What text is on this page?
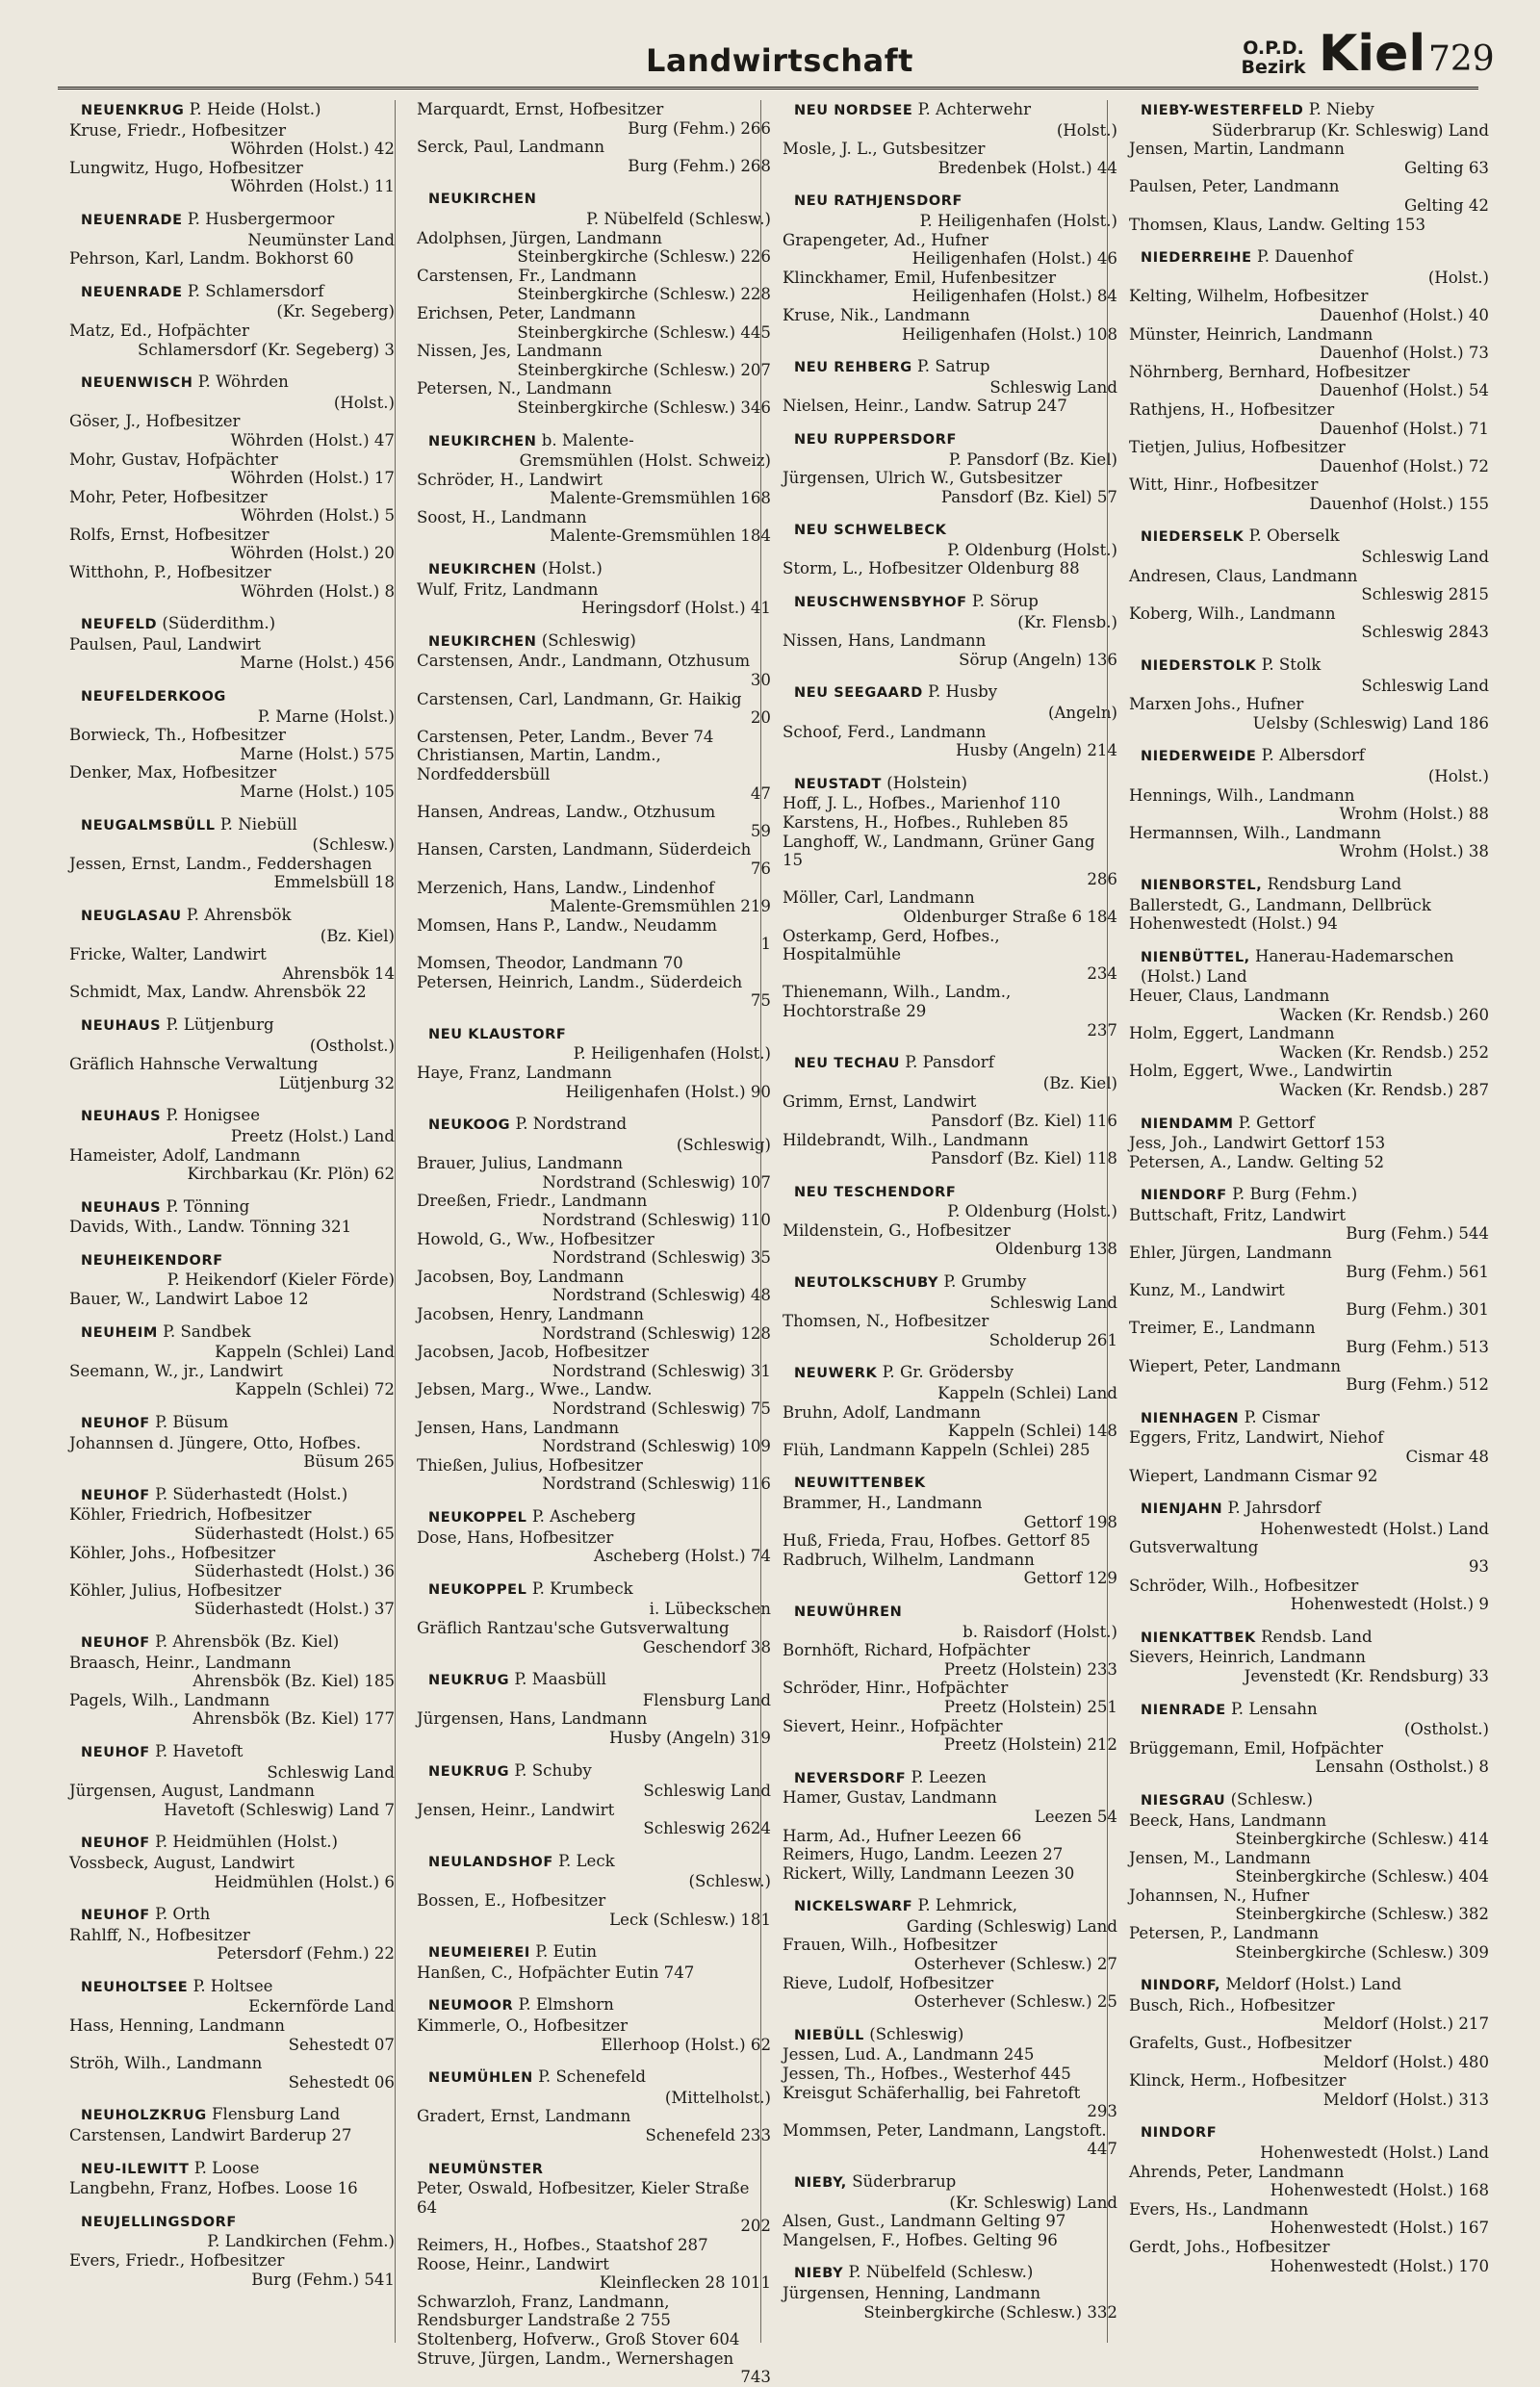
Landwirtschaft	O.P.D.
Bezirk Kiel 729
NEUENKRUG P. Heide (Holst.)
Kruse, Friedr., Hofbesitzer
Wöhrden (Holst.) 42
Lungwitz, Hugo, Hofbesitzer
Wöhrden (Holst.) 11
NEUENRADE P. Husbergermoor
Neumünster Land
Pehrson, Karl, Landm. Bokhorst 60
NEUENRADE P. Schlamersdorf
(Kr. Segeberg)
Matz, Ed., Hofpächter
Schlamersdorf (Kr. Segeberg) 3
NEUENWISCH P. Wöhrden
(Holst.)
Göser, J., Hofbesitzer
Wöhrden (Holst.) 47
Mohr, Gustav, Hofpächter
Wöhrden (Holst.) 17
Mohr, Peter, Hofbesitzer
Wöhrden (Holst.) 5
Rolfs, Ernst, Hofbesitzer
Wöhrden (Holst.) 20
Witthohn, P., Hofbesitzer
Wöhrden (Holst.) 8
NEUFELD (Süderdithm.)
Paulsen, Paul, Landwirt
Marne (Holst.) 456
NEUFELDERKOOG
P. Marne (Holst.)
Borwieck, Th., Hofbesitzer
Marne (Holst.) 575
Denker, Max, Hofbesitzer
Marne (Holst.) 105
NEUGALMSBÜLL P. Niebüll
(Schlesw.)
Jessen, Ernst, Landm., Feddershagen
Emmelsbüll 18
NEUGLASAU P. Ahrensbök
(Bz. Kiel)
Fricke, Walter, Landwirt
Ahrensbök 14
Schmidt, Max, Landw. Ahrensbök 22
NEUHAUS P. Lütjenburg
(Ostholst.)
Gräflich Hahnsche Verwaltung
Lütjenburg 32
NEUHAUS P. Honigsee
Preetz (Holst.) Land
Hameister, Adolf, Landmann
Kirchbarkau (Kr. Plön) 62
NEUHAUS P. Tönning
Davids, With., Landw. Tönning 321
NEUHEIKENDORF
P. Heikendorf (Kieler Förde)
Bauer, W., Landwirt Laboe 12
NEUHEIM P. Sandbek
Kappeln (Schlei) Land
Seemann, W., jr., Landwirt
Kappeln (Schlei) 72
NEUHOF P. Büsum
Johannsen d. Jüngere, Otto, Hofbes.
Büsum 265
NEUHOF P. Süderhastedt (Holst.)
Köhler, Friedrich, Hofbesitzer
Süderhastedt (Holst.) 65
Köhler, Johs., Hofbesitzer
Süderhastedt (Holst.) 36
Köhler, Julius, Hofbesitzer
Süderhastedt (Holst.) 37
NEUHOF P. Ahrensbök (Bz. Kiel)
Braasch, Heinr., Landmann
Ahrensbök (Bz. Kiel) 185
Pagels, Wilh., Landmann
Ahrensbök (Bz. Kiel) 177
NEUHOF P. Havetoft
Schleswig Land
Jürgensen, August, Landmann
Havetoft (Schleswig) Land 7
NEUHOF P. Heidmühlen (Holst.)
Vossbeck, August, Landwirt
Heidmühlen (Holst.) 6
NEUHOF P. Orth
Rahlff, N., Hofbesitzer
Petersdorf (Fehm.) 22
NEUHOLTSEE P. Holtsee
Eckernförde Land
Hass, Henning, Landmann
Sehestedt 07
Ströh, Wilh., Landmann
Sehestedt 06
NEUHOLZKRUG Flensburg Land
Carstensen, Landwirt Barderup 27
NEU-ILEWITT P. Loose
Langbehn, Franz, Hofbes. Loose 16
NEUJELLINGSDORF
P. Landkirchen (Fehm.)
Evers, Friedr., Hofbesitzer
Burg (Fehm.) 541
Marquardt, Ernst, Hofbesitzer
Burg (Fehm.) 266
Serck, Paul, Landmann
Burg (Fehm.) 268
NEUKIRCHEN
P. Nübelfeld (Schlesw.)
Adolphsen, Jürgen, Landmann
Steinbergkirche (Schlesw.) 226
Carstensen, Fr., Landmann
Steinbergkirche (Schlesw.) 228
Erichsen, Peter, Landmann
Steinbergkirche (Schlesw.) 445
Nissen, Jes, Landmann
Steinbergkirche (Schlesw.) 207
Petersen, N., Landmann
Steinbergkirche (Schlesw.) 346
NEUKIRCHEN b. Malente-
Gremsmühlen (Holst. Schweiz)
Schröder, H., Landwirt
Malente-Gremsmühlen 168
Soost, H., Landmann
Malente-Gremsmühlen 184
NEUKIRCHEN (Holst.)
Wulf, Fritz, Landmann
Heringsdorf (Holst.) 41
NEUKIRCHEN (Schleswig)
Carstensen, Andr., Landmann, Otzhusum
30
Carstensen, Carl, Landmann, Gr. Haikig
20
Carstensen, Peter, Landm., Bever 74
Christiansen, Martin, Landm., Nordfeddersbüll
47
Hansen, Andreas, Landw., Otzhusum
59
Hansen, Carsten, Landmann, Süderdeich
76
Merzenich, Hans, Landw., Lindenhof
Malente-Gremsmühlen 219
Momsen, Hans P., Landw., Neudamm
1
Momsen, Theodor, Landmann 70
Petersen, Heinrich, Landm., Süderdeich
75
NEU KLAUSTORF
P. Heiligenhafen (Holst.)
Haye, Franz, Landmann
Heiligenhafen (Holst.) 90
NEUKOOG P. Nordstrand
(Schleswig)
Brauer, Julius, Landmann
Nordstrand (Schleswig) 107
Dreeßen, Friedr., Landmann
Nordstrand (Schleswig) 110
Howold, G., Ww., Hofbesitzer
Nordstrand (Schleswig) 35
Jacobsen, Boy, Landmann
Nordstrand (Schleswig) 48
Jacobsen, Henry, Landmann
Nordstrand (Schleswig) 128
Jacobsen, Jacob, Hofbesitzer
Nordstrand (Schleswig) 31
Jebsen, Marg., Wwe., Landw.
Nordstrand (Schleswig) 75
Jensen, Hans, Landmann
Nordstrand (Schleswig) 109
Thießen, Julius, Hofbesitzer
Nordstrand (Schleswig) 116
NEUKOPPEL P. Ascheberg
Dose, Hans, Hofbesitzer
Ascheberg (Holst.) 74
NEUKOPPEL P. Krumbeck
i. Lübeckschen
Gräflich Rantzau'sche Gutsverwaltung
Geschendorf 38
NEUKRUG P. Maasbüll
Flensburg Land
Jürgensen, Hans, Landmann
Husby (Angeln) 319
NEUKRUG P. Schuby
Schleswig Land
Jensen, Heinr., Landwirt
Schleswig 2624
NEULANDSHOF P. Leck
(Schlesw.)
Bossen, E., Hofbesitzer
Leck (Schlesw.) 181
NEUMEIEREI P. Eutin
Hanßen, C., Hofpächter Eutin 747
NEUMOOR P. Elmshorn
Kimmerle, O., Hofbesitzer
Ellerhoop (Holst.) 62
NEUMÜHLEN P. Schenefeld
(Mittelholst.)
Gradert, Ernst, Landmann
Schenefeld 233
NEUMÜNSTER
Peter, Oswald, Hofbesitzer, Kieler Straße 64
202
Reimers, H., Hofbes., Staatshof 287
Roose, Heinr., Landwirt
Kleinflecken 28 1011
Schwarzloh, Franz, Landmann, Rendsburger Landstraße 2 755
Stoltenberg, Hofverw., Groß Stover 604
Struve, Jürgen, Landm., Wernershagen
743
NEU NORDSEE P. Achterwehr
(Holst.)
Mosle, J. L., Gutsbesitzer
Bredenbek (Holst.) 44
NEU RATHJENSDORF
P. Heiligenhafen (Holst.)
Grapengeter, Ad., Hufner
Heiligenhafen (Holst.) 46
Klinckhamer, Emil, Hufenbesitzer
Heiligenhafen (Holst.) 84
Kruse, Nik., Landmann
Heiligenhafen (Holst.) 108
NEU REHBERG P. Satrup
Schleswig Land
Nielsen, Heinr., Landw. Satrup 247
NEU RUPPERSDORF
P. Pansdorf (Bz. Kiel)
Jürgensen, Ulrich W., Gutsbesitzer
Pansdorf (Bz. Kiel) 57
NEU SCHWELBECK
P. Oldenburg (Holst.)
Storm, L., Hofbesitzer Oldenburg 88
NEUSCHWENSBYHOF P. Sörup
(Kr. Flensb.)
Nissen, Hans, Landmann
Sörup (Angeln) 136
NEU SEEGAARD P. Husby
(Angeln)
Schoof, Ferd., Landmann
Husby (Angeln) 214
NEUSTADT (Holstein)
Hoff, J. L., Hofbes., Marienhof 110
Karstens, H., Hofbes., Ruhleben 85
Langhoff, W., Landmann, Grüner Gang 15
286
Möller, Carl, Landmann
Oldenburger Straße 6 184
Osterkamp, Gerd, Hofbes., Hospitalmühle
234
Thienemann, Wilh., Landm., Hochtorstraße 29
237
NEU TECHAU P. Pansdorf
(Bz. Kiel)
Grimm, Ernst, Landwirt
Pansdorf (Bz. Kiel) 116
Hildebrandt, Wilh., Landmann
Pansdorf (Bz. Kiel) 118
NEU TESCHENDORF
P. Oldenburg (Holst.)
Mildenstein, G., Hofbesitzer
Oldenburg 138
NEUTOLKSCHUBY P. Grumby
Schleswig Land
Thomsen, N., Hofbesitzer
Scholderup 261
NEUWERK P. Gr. Grödersby
Kappeln (Schlei) Land
Bruhn, Adolf, Landmann
Kappeln (Schlei) 148
Flüh, Landmann Kappeln (Schlei) 285
NEUWITTENBEK
Brammer, H., Landmann
Gettorf 198
Huß, Frieda, Frau, Hofbes. Gettorf 85
Radbruch, Wilhelm, Landmann
Gettorf 129
NEUWÜHREN
b. Raisdorf (Holst.)
Bornhöft, Richard, Hofpächter
Preetz (Holstein) 233
Schröder, Hinr., Hofpächter
Preetz (Holstein) 251
Sievert, Heinr., Hofpächter
Preetz (Holstein) 212
NEVERSDORF P. Leezen
Hamer, Gustav, Landmann
Leezen 54
Harm, Ad., Hufner Leezen 66
Reimers, Hugo, Landm. Leezen 27
Rickert, Willy, Landmann Leezen 30
NICKELSWARF P. Lehmrick,
Garding (Schleswig) Land
Frauen, Wilh., Hofbesitzer
Osterhever (Schlesw.) 27
Rieve, Ludolf, Hofbesitzer
Osterhever (Schlesw.) 25
NIEBÜLL (Schleswig)
Jessen, Lud. A., Landmann 245
Jessen, Th., Hofbes., Westerhof 445
Kreisgut Schäferhallig, bei Fahretoft
293
Mommsen, Peter, Landmann, Langstoft.
447
NIEBY, Süderbrarup
(Kr. Schleswig) Land
Alsen, Gust., Landmann Gelting 97
Mangelsen, F., Hofbes. Gelting 96
NIEBY P. Nübelfeld (Schlesw.)
Jürgensen, Henning, Landmann
Steinbergkirche (Schlesw.) 332
NIEBY-WESTERFELD P. Nieby
Süderbrarup (Kr. Schleswig) Land
Jensen, Martin, Landmann
Gelting 63
Paulsen, Peter, Landmann
Gelting 42
Thomsen, Klaus, Landw. Gelting 153
NIEDERREIHE P. Dauenhof
(Holst.)
Kelting, Wilhelm, Hofbesitzer
Dauenhof (Holst.) 40
Münster, Heinrich, Landmann
Dauenhof (Holst.) 73
Nöhrnberg, Bernhard, Hofbesitzer
Dauenhof (Holst.) 54
Rathjens, H., Hofbesitzer
Dauenhof (Holst.) 71
Tietjen, Julius, Hofbesitzer
Dauenhof (Holst.) 72
Witt, Hinr., Hofbesitzer
Dauenhof (Holst.) 155
NIEDERSELK P. Oberselk
Schleswig Land
Andresen, Claus, Landmann
Schleswig 2815
Koberg, Wilh., Landmann
Schleswig 2843
NIEDERSTOLK P. Stolk
Schleswig Land
Marxen Johs., Hufner
Uelsby (Schleswig) Land 186
NIEDERWEIDE P. Albersdorf
(Holst.)
Hennings, Wilh., Landmann
Wrohm (Holst.) 88
Hermannsen, Wilh., Landmann
Wrohm (Holst.) 38
NIENBORSTEL, Rendsburg Land
Ballerstedt, G., Landmann, Dellbrück Hohenwestedt (Holst.) 94
NIENBÜTTEL, Hanerau-Hademarschen (Holst.) Land
Heuer, Claus, Landmann
Wacken (Kr. Rendsb.) 260
Holm, Eggert, Landmann
Wacken (Kr. Rendsb.) 252
Holm, Eggert, Wwe., Landwirtin
Wacken (Kr. Rendsb.) 287
NIENDAMM P. Gettorf
Jess, Joh., Landwirt Gettorf 153
Petersen, A., Landw. Gelting 52
NIENDORF P. Burg (Fehm.)
Buttschaft, Fritz, Landwirt
Burg (Fehm.) 544
Ehler, Jürgen, Landmann
Burg (Fehm.) 561
Kunz, M., Landwirt
Burg (Fehm.) 301
Treimer, E., Landmann
Burg (Fehm.) 513
Wiepert, Peter, Landmann
Burg (Fehm.) 512
NIENHAGEN P. Cismar
Eggers, Fritz, Landwirt, Niehof
Cismar 48
Wiepert, Landmann Cismar 92
NIENJAHN P. Jahrsdorf
Hohenwestedt (Holst.) Land
Gutsverwaltung
93
Schröder, Wilh., Hofbesitzer
Hohenwestedt (Holst.) 9
NIENKATTBEK Rendsb. Land
Sievers, Heinrich, Landmann
Jevenstedt (Kr. Rendsburg) 33
NIENRADE P. Lensahn
(Ostholst.)
Brüggemann, Emil, Hofpächter
Lensahn (Ostholst.) 8
NIESGRAU (Schlesw.)
Beeck, Hans, Landmann
Steinbergkirche (Schlesw.) 414
Jensen, M., Landmann
Steinbergkirche (Schlesw.) 404
Johannsen, N., Hufner
Steinbergkirche (Schlesw.) 382
Petersen, P., Landmann
Steinbergkirche (Schlesw.) 309
NINDORF, Meldorf (Holst.) Land
Busch, Rich., Hofbesitzer
Meldorf (Holst.) 217
Grafelts, Gust., Hofbesitzer
Meldorf (Holst.) 480
Klinck, Herm., Hofbesitzer
Meldorf (Holst.) 313
NINDORF
Hohenwestedt (Holst.) Land
Ahrends, Peter, Landmann
Hohenwestedt (Holst.) 168
Evers, Hs., Landmann
Hohenwestedt (Holst.) 167
Gerdt, Johs., Hofbesitzer
Hohenwestedt (Holst.) 170
